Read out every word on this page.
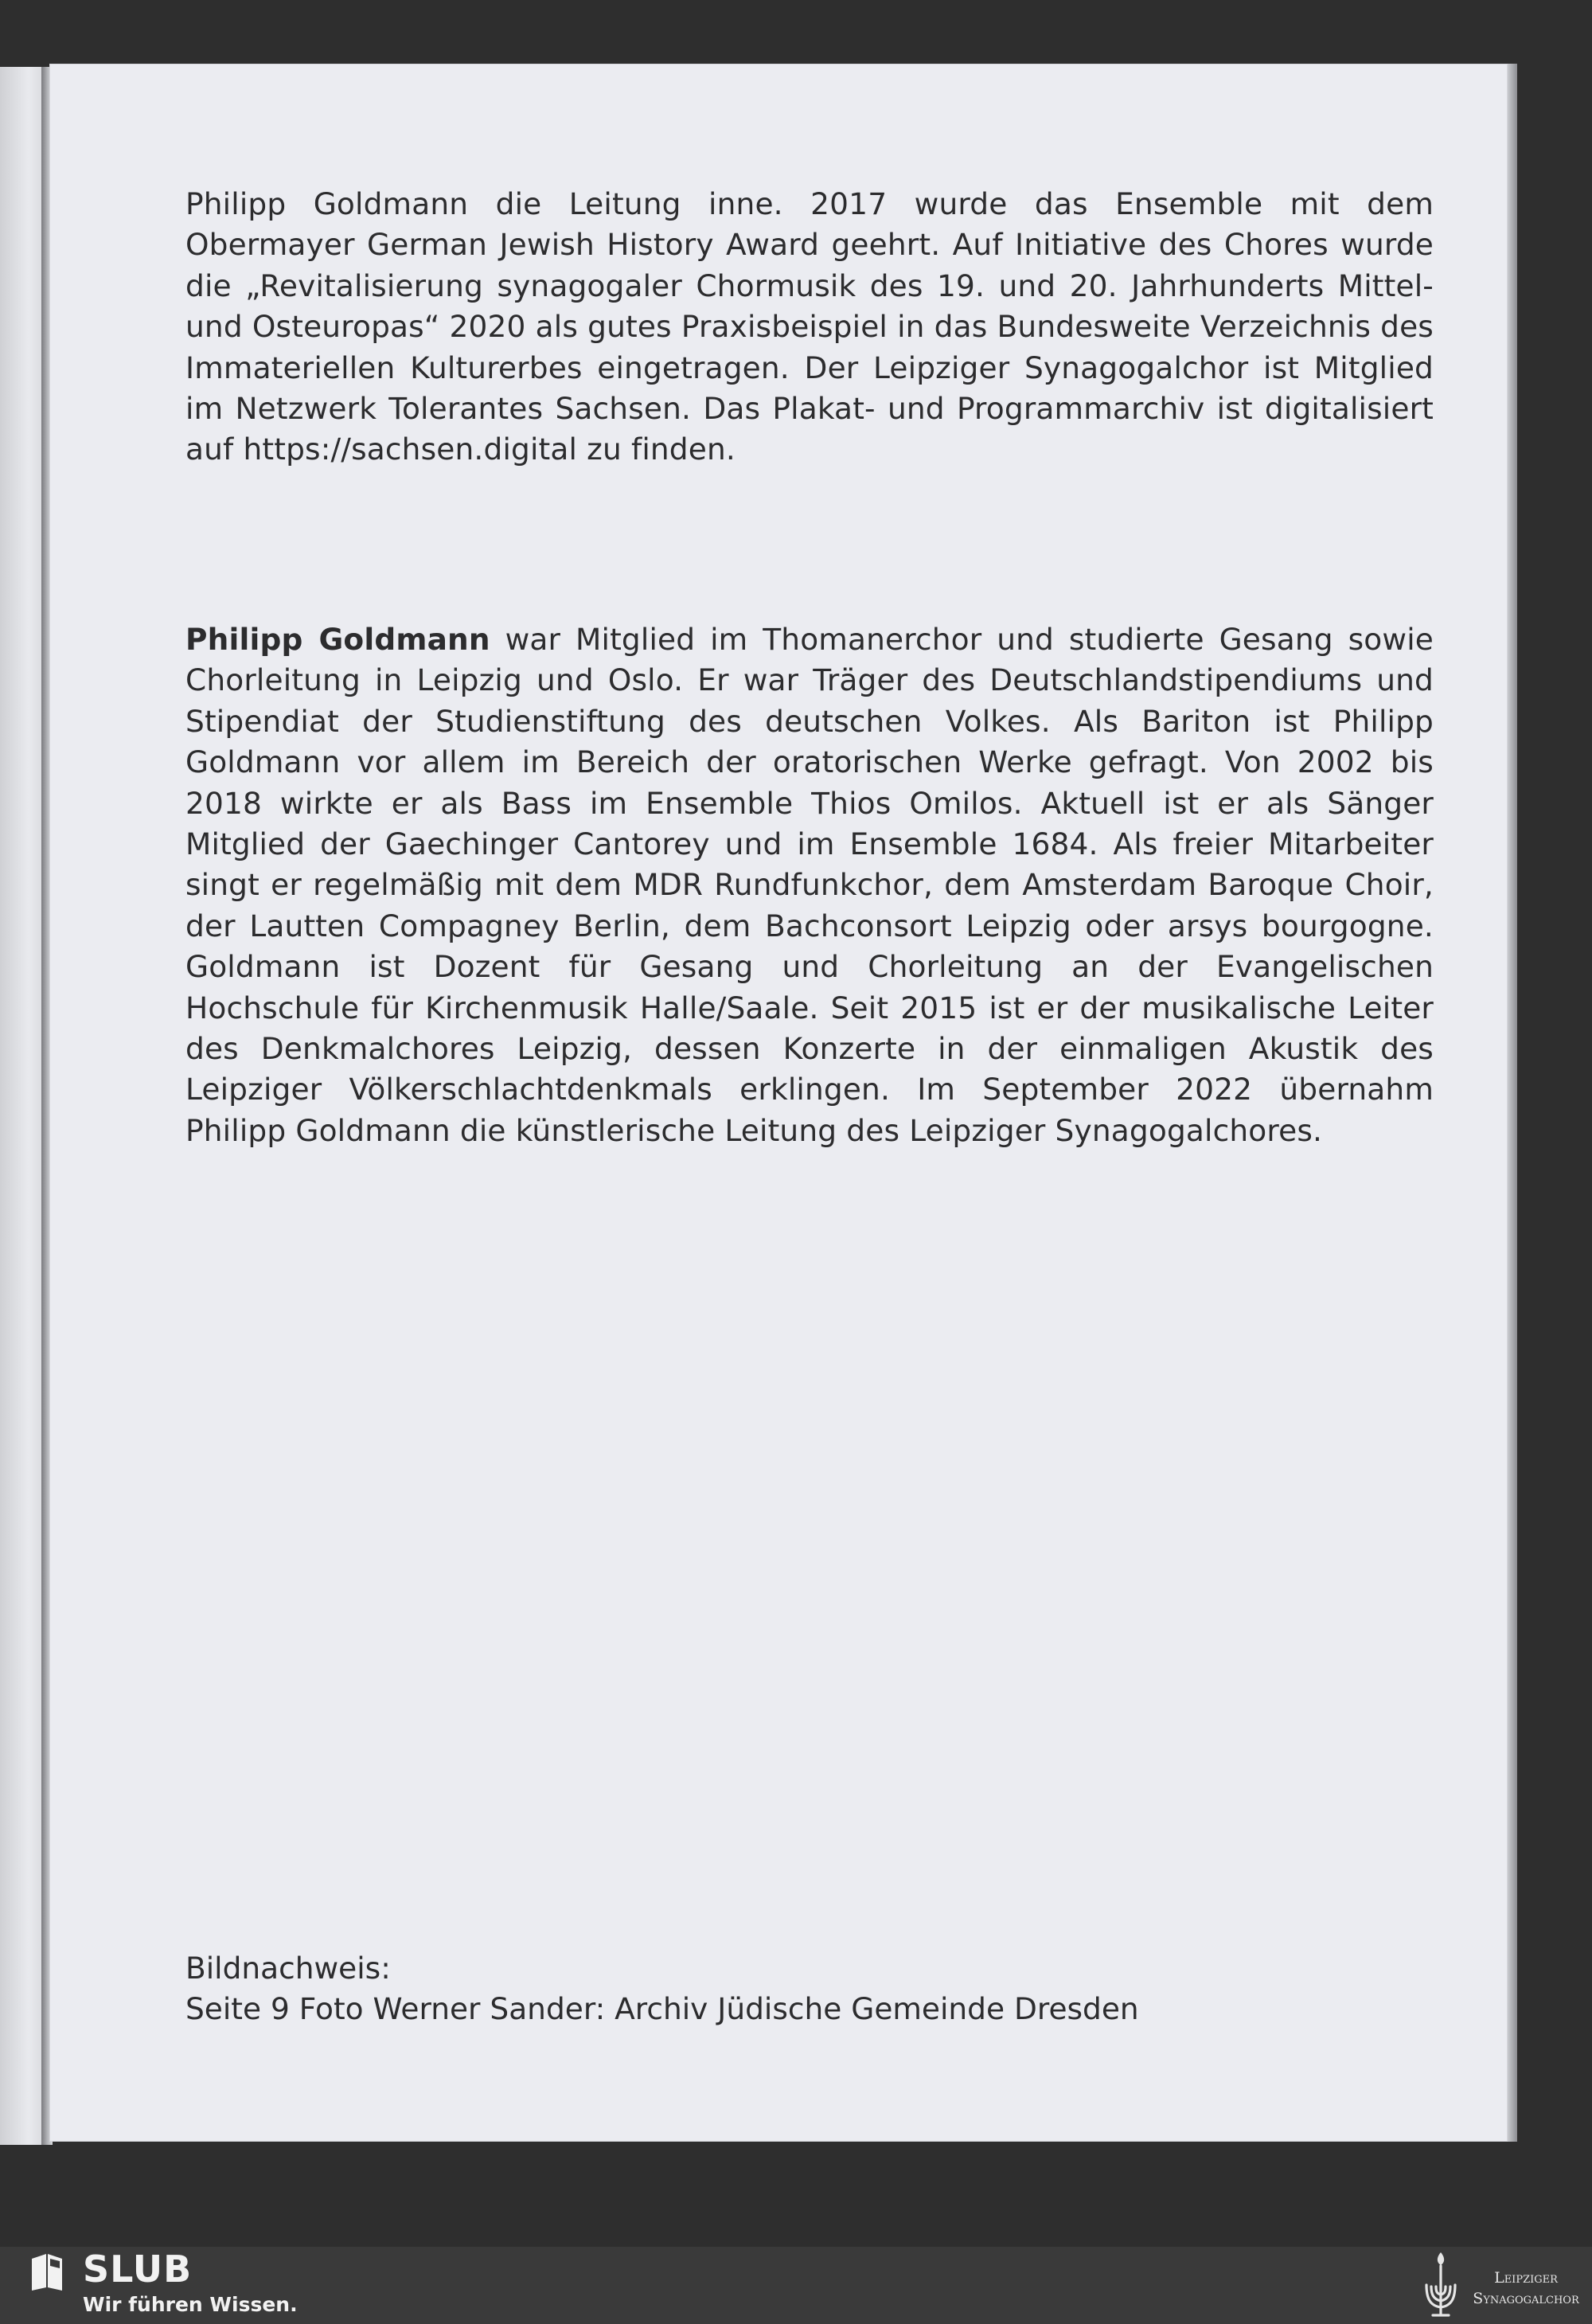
Philipp Goldmann die Leitung inne. 2017 wurde das Ensemble mit dem Obermayer German Jewish History Award geehrt. Auf Initiative des Chores wurde die „Revitalisierung synagogaler Chormusik des 19. und 20. Jahrhunderts Mittel- und Osteuropas“ 2020 als gutes Praxisbeispiel in das Bundesweite Verzeichnis des Immateriellen Kulturerbes eingetragen. Der Leipziger Synagogalchor ist Mitglied im Netzwerk Tolerantes Sachsen. Das Plakat- und Programmarchiv ist digitalisiert auf https://sachsen.digital zu finden.

Philipp Goldmann war Mitglied im Thomanerchor und studierte Gesang sowie Chorleitung in Leipzig und Oslo. Er war Träger des Deutschlandstipendiums und Stipendiat der Studienstiftung des deutschen Volkes. Als Bariton ist Philipp Goldmann vor allem im Bereich der oratorischen Werke gefragt. Von 2002 bis 2018 wirkte er als Bass im Ensemble Thios Omilos. Aktuell ist er als Sänger Mitglied der Gaechinger Cantorey und im Ensemble 1684. Als freier Mitarbeiter singt er regelmäßig mit dem MDR Rundfunkchor, dem Amsterdam Baroque Choir, der Lautten Compagney Berlin, dem Bachconsort Leipzig oder arsys bourgogne. Goldmann ist Dozent für Gesang und Chorleitung an der Evangelischen Hochschule für Kirchenmusik Halle/Saale. Seit 2015 ist er der musikalische Leiter des Denkmalchores Leipzig, dessen Konzerte in der einmaligen Akustik des Leipziger Völkerschlachtdenkmals erklingen. Im September 2022 übernahm Philipp Goldmann die künstlerische Leitung des Leipziger Synagogalchores.

Bildnachweis:
Seite 9 Foto Werner Sander: Archiv Jüdische Gemeinde Dresden
SLUB
Wir führen Wissen.
Leipziger
Synagogalchor
